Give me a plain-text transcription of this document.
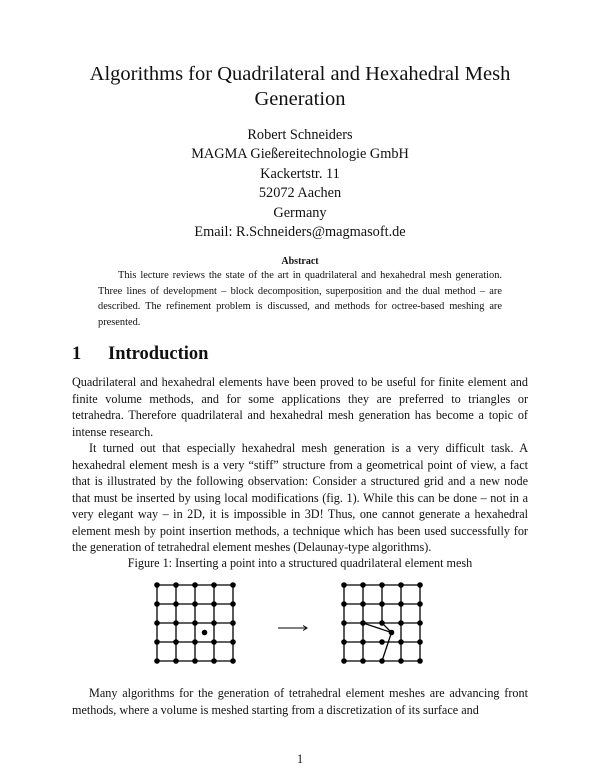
Algorithms for Quadrilateral and Hexahedral Mesh
Generation
Robert Schneiders
MAGMA Gießereitechnologie GmbH
Kackertstr. 11
52072 Aachen
Germany
Email: R.Schneiders@magmasoft.de
Abstract
This lecture reviews the state of the art in quadrilateral and hexahedral mesh generation. Three lines of development – block decomposition, superposition and the dual method – are described. The refinement problem is discussed, and methods for octree-based meshing are presented.
1 Introduction
Quadrilateral and hexahedral elements have been proved to be useful for finite element and finite volume methods, and for some applications they are preferred to triangles or tetrahedra. Therefore quadrilateral and hexahedral mesh generation has become a topic of intense research.
It turned out that especially hexahedral mesh generation is a very difficult task. A hexahedral element mesh is a very “stiff” structure from a geometrical point of view, a fact that is illustrated by the following observation: Consider a structured grid and a new node that must be inserted by using local modifications (fig. 1). While this can be done – not in a very elegant way – in 2D, it is impossible in 3D! Thus, one cannot generate a hexahedral element mesh by point insertion methods, a technique which has been used successfully for the generation of tetrahedral element meshes (Delaunay-type algorithms).
Figure 1: Inserting a point into a structured quadrilateral element mesh
Many algorithms for the generation of tetrahedral element meshes are advancing front methods, where a volume is meshed starting from a discretization of its surface and
1
